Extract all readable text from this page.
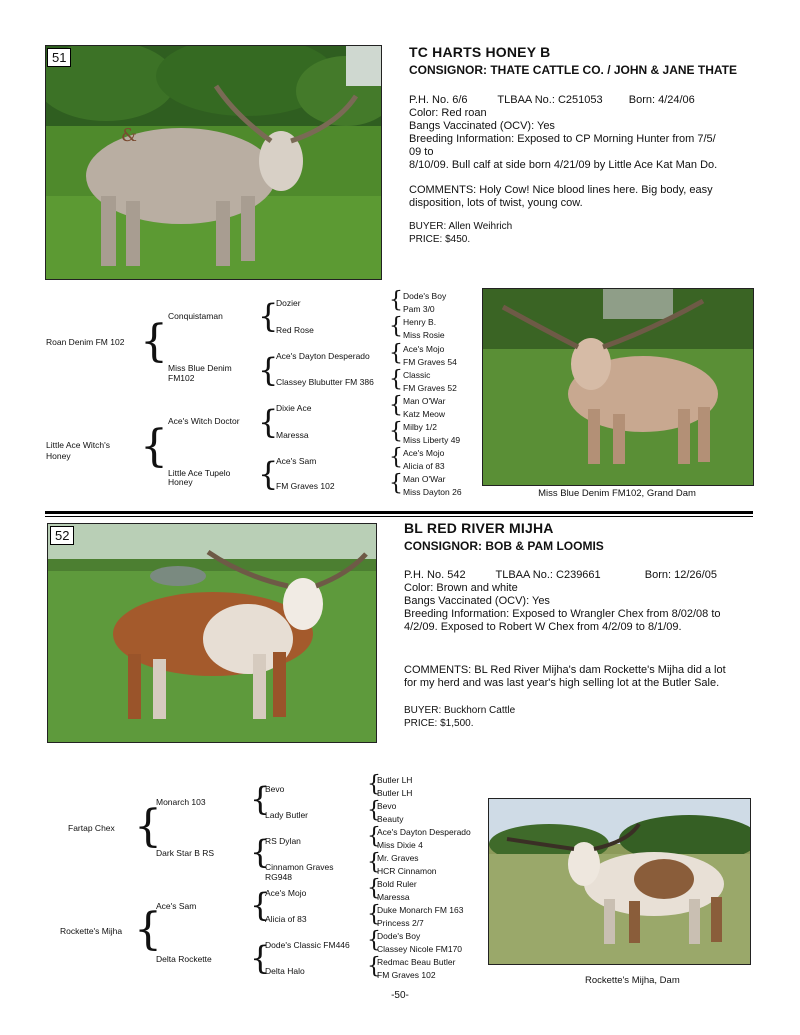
51
&
TC HARTS HONEY B
CONSIGNOR: THATE CATTLE CO. / JOHN & JANE THATE
P.H. No. 6/6	TLBAA No.: C251053 Born: 4/24/06
Color: Red roan
Bangs Vaccinated (OCV): Yes
Breeding Information: Exposed to CP Morning Hunter from 7/5/
09 to
8/10/09. Bull calf at side born 4/21/09 by Little Ace Kat Man Do.
COMMENTS: Holy Cow! Nice blood lines here. Big body, easy
disposition, lots of twist, young cow.
BUYER: Allen Weihrich
PRICE: $450.
Roan Denim FM 102
Little Ace Witch's Honey
{
{
Conquistaman
Miss Blue Denim FM102
Ace's Witch Doctor
Little Ace Tupelo Honey
{
{
{
{
Dozier
Red Rose
Ace's Dayton Desperado
Classey Blubutter FM 386
Dixie Ace
Maressa
Ace's Sam
FM Graves 102
{
{
{
{
{
{
{
{
Dode's Boy
Pam 3/0
Henry B.
Miss Rosie
Ace's Mojo
FM Graves 54
Classic
FM Graves 52
Man O'War
Katz Meow
Milby 1/2
Miss Liberty 49
Ace's Mojo
Alicia of 83
Man O'War
Miss Dayton 26	Miss Blue Denim FM102, Grand Dam
52	BL RED RIVER MIJHA
CONSIGNOR: BOB & PAM LOOMIS
P.H. No. 542	TLBAA No.: C239661	Born: 12/26/05
Color: Brown and white
Bangs Vaccinated (OCV): Yes
Breeding Information: Exposed to Wrangler Chex from 8/02/08 to
4/2/09. Exposed to Robert W Chex from 4/2/09 to 8/1/09.
COMMENTS: BL Red River Mijha's dam Rockette's Mijha did a lot
for my herd and was last year's high selling lot at the Butler Sale.
BUYER: Buckhorn Cattle
PRICE: $1,500.
Fartap Chex
Rockette's Mijha
{
{
Monarch 103
Dark Star B RS
Ace's Sam
Delta Rockette
{
{
{
{
Bevo
Lady Butler
RS Dylan
Cinnamon Graves RG948
Ace's Mojo
Alicia of 83
Dode's Classic FM446
Delta Halo
{
{
{
{
{
{
{
{
Butler LH
Butler LH
Bevo
Beauty
Ace's Dayton Desperado
Miss Dixie 4
Mr. Graves
HCR Cinnamon
Bold Ruler
Maressa
Duke Monarch FM 163
Princess 2/7
Dode's Boy
Classey Nicole FM170
Redmac Beau Butler
FM Graves 102	Rockette's Mijha, Dam
-50-
